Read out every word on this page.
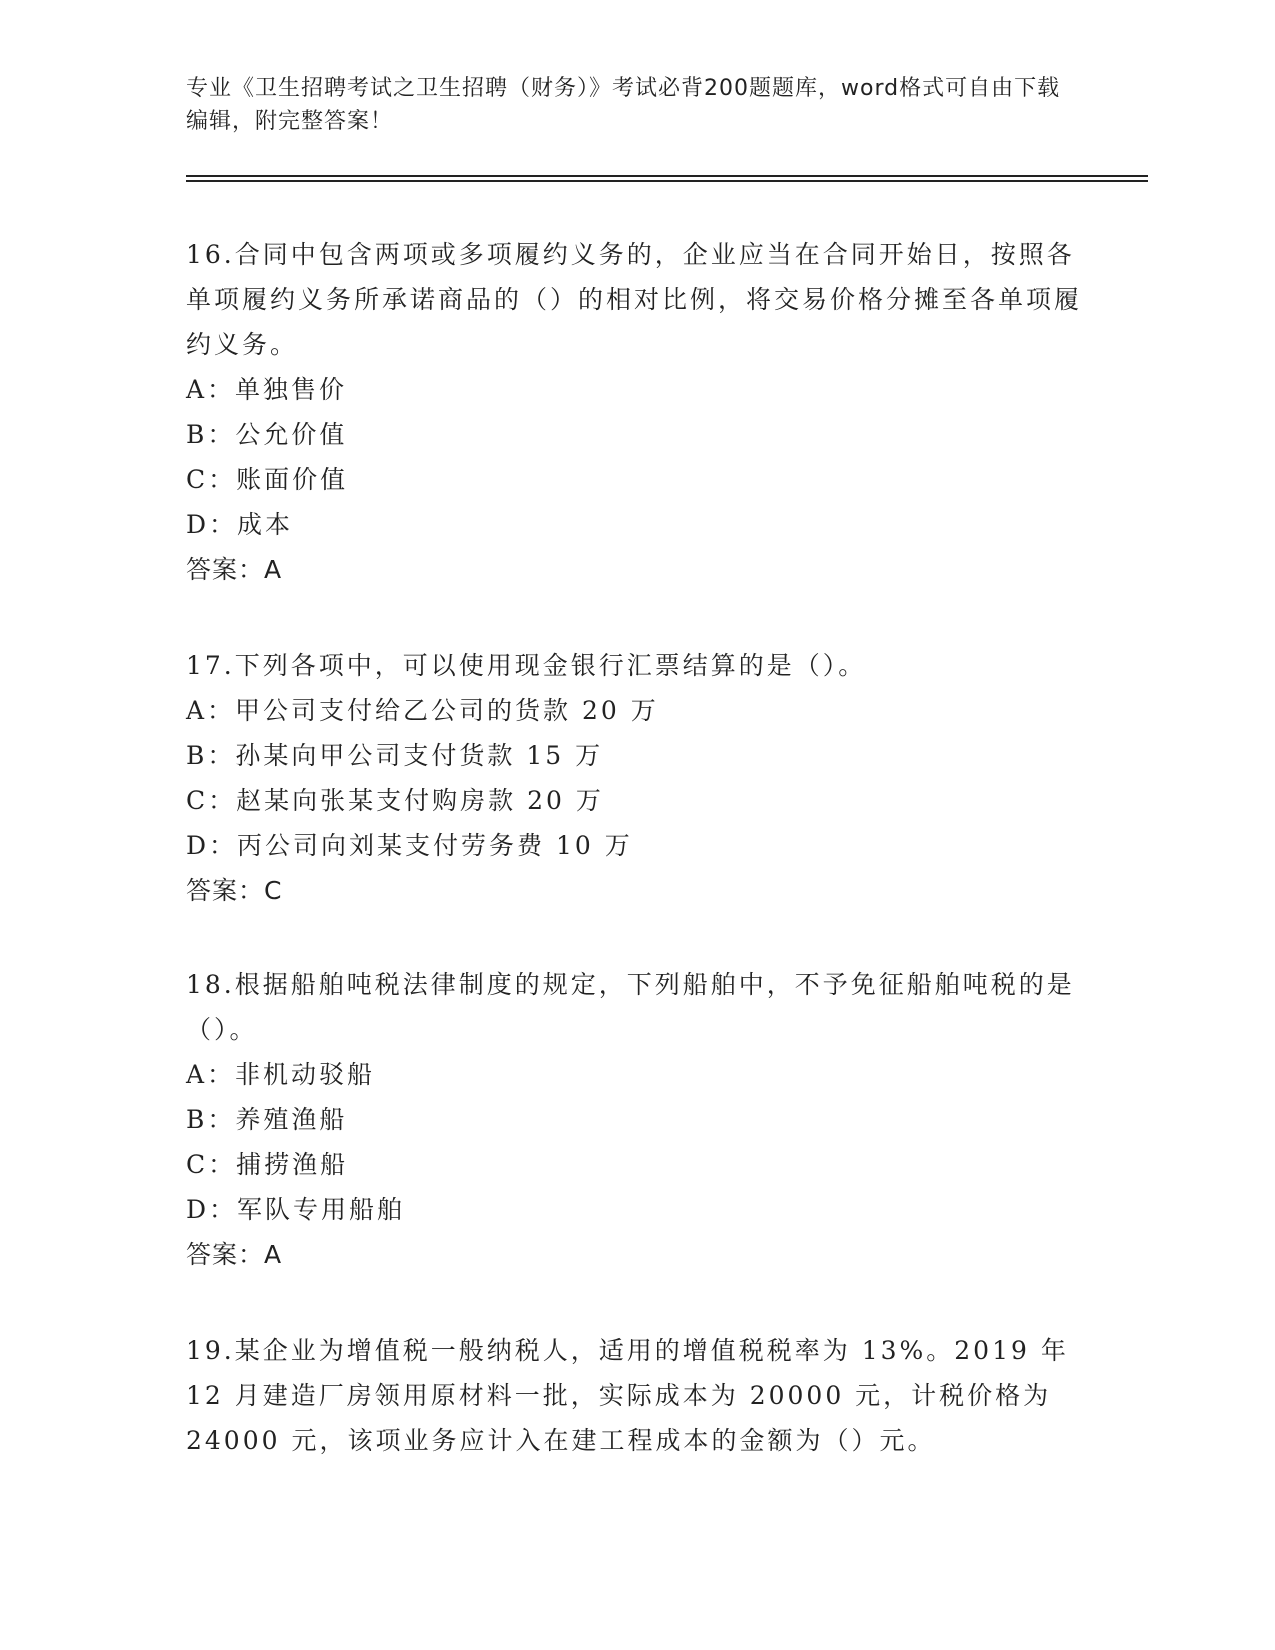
专业《卫生招聘考试之卫生招聘（财务）》考试必背200题题库，word格式可自由下载编辑，附完整答案！

16.合同中包含两项或多项履约义务的，企业应当在合同开始日，按照各单项履约义务所承诺商品的（）的相对比例，将交易价格分摊至各单项履约义务。

A：单独售价

B：公允价值

C：账面价值

D：成本

答案：A

17.下列各项中，可以使用现金银行汇票结算的是（）。

A：甲公司支付给乙公司的货款 20 万

B：孙某向甲公司支付货款 15 万

C：赵某向张某支付购房款 20 万

D：丙公司向刘某支付劳务费 10 万

答案：C

18.根据船舶吨税法律制度的规定，下列船舶中，不予免征船舶吨税的是（）。

A：非机动驳船

B：养殖渔船

C：捕捞渔船

D：军队专用船舶

答案：A

19.某企业为增值税一般纳税人，适用的增值税税率为 13%。2019 年 12 月建造厂房领用原材料一批，实际成本为 20000 元，计税价格为 24000 元，该项业务应计入在建工程成本的金额为（）元。
